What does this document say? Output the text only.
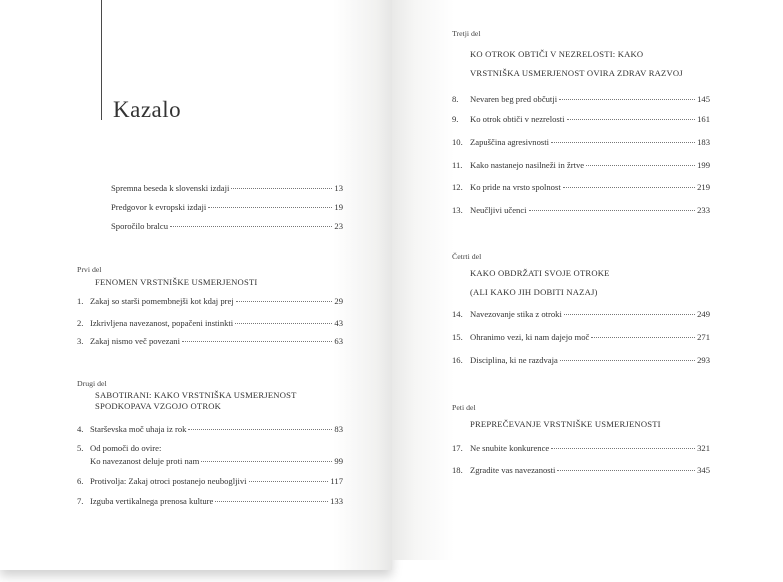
Kazalo
Spremna beseda k slovenski izdaji	13
Predgovor k evropski izdaji	19
Sporočilo bralcu	23
Prvi del
FENOMEN VRSTNIŠKE USMERJENOSTI
1. Zakaj so starši pomembnejši kot kdaj prej	29
2. Izkrivljena navezanost, popačeni instinkti	43
3. Zakaj nismo več povezani	63
Drugi del
SABOTIRANI: KAKO VRSTNIŠKA USMERJENOST
SPODKOPAVA VZGOJO OTROK
4. Starševska moč uhaja iz rok	83
5. Od pomoči do ovire:
Ko navezanost deluje proti nam	99
6. Protivolja: Zakaj otroci postanejo neubogljivi	117
7. Izguba vertikalnega prenosa kulture	133
Tretji del
KO OTROK OBTIČI V NEZRELOSTI: KAKO
VRSTNIŠKA USMERJENOST OVIRA ZDRAV RAZVOJ
8.	Nevaren beg pred občutji	145
9.	Ko otrok obtiči v nezrelosti	161
10. Zapuščina agresivnosti	183
11. Kako nastanejo nasilneži in žrtve	199
12. Ko pride na vrsto spolnost	219
13. Neučljivi učenci	233
Četrti del
KAKO OBDRŽATI SVOJE OTROKE
(ALI KAKO JIH DOBITI NAZAJ)
14. Navezovanje stika z otroki	249
15. Ohranimo vezi, ki nam dajejo moč	271
16. Disciplina, ki ne razdvaja	293
Peti del
PREPREČEVANJE VRSTNIŠKE USMERJENOSTI
17. Ne snubite konkurence	321
18. Zgradite vas navezanosti	345
